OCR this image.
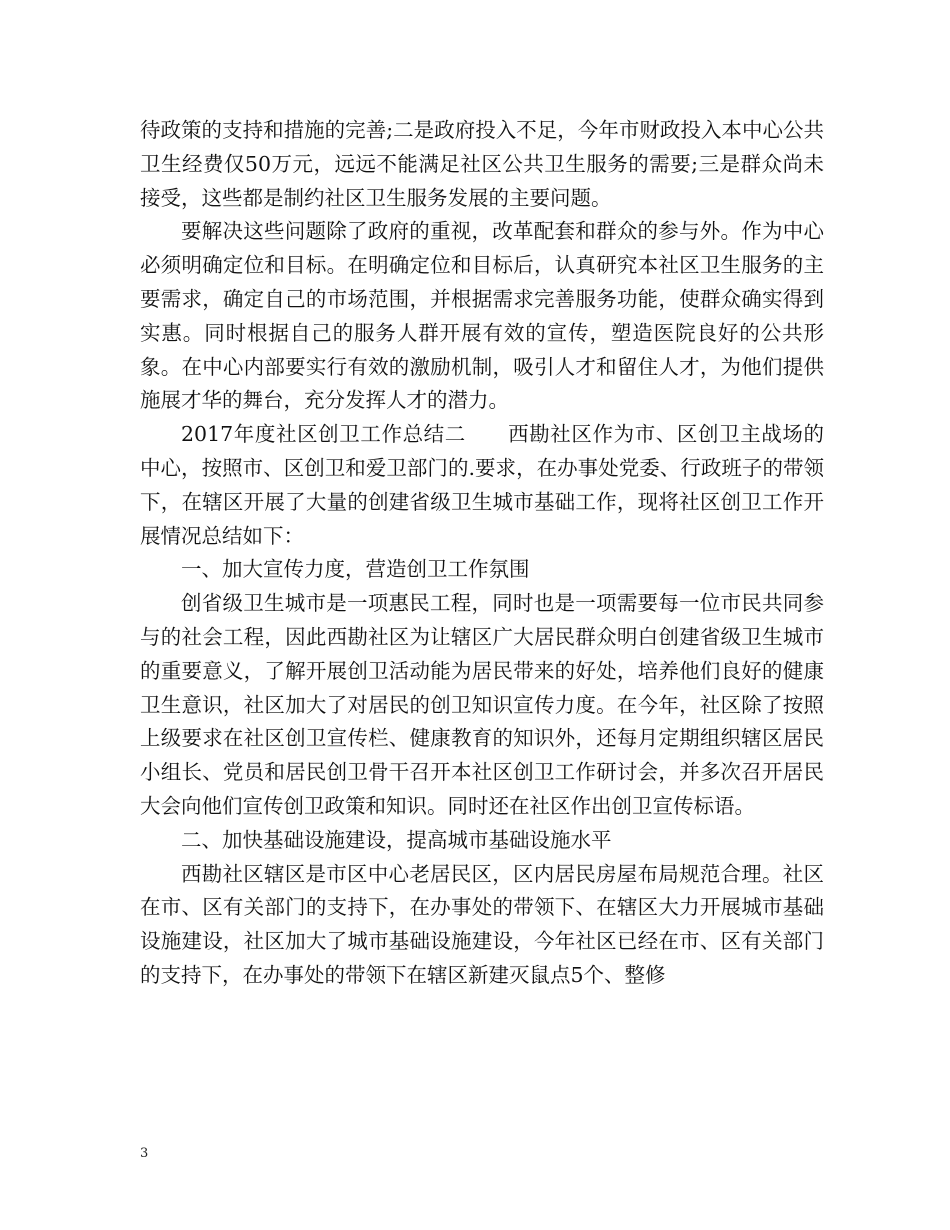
待政策的支持和措施的完善;二是政府投入不足，今年市财政投入本中心公共卫生经费仅50万元，远远不能满足社区公共卫生服务的需要;三是群众尚未接受，这些都是制约社区卫生服务发展的主要问题。

要解决这些问题除了政府的重视，改革配套和群众的参与外。作为中心必须明确定位和目标。在明确定位和目标后，认真研究本社区卫生服务的主要需求，确定自己的市场范围，并根据需求完善服务功能，使群众确实得到实惠。同时根据自己的服务人群开展有效的宣传，塑造医院良好的公共形象。在中心内部要实行有效的激励机制，吸引人才和留住人才，为他们提供施展才华的舞台，充分发挥人才的潜力。

2017年度社区创卫工作总结二　　西勘社区作为市、区创卫主战场的中心，按照市、区创卫和爱卫部门的.要求，在办事处党委、行政班子的带领下，在辖区开展了大量的创建省级卫生城市基础工作，现将社区创卫工作开展情况总结如下：

一、加大宣传力度，营造创卫工作氛围

创省级卫生城市是一项惠民工程，同时也是一项需要每一位市民共同参与的社会工程，因此西勘社区为让辖区广大居民群众明白创建省级卫生城市的重要意义，了解开展创卫活动能为居民带来的好处，培养他们良好的健康卫生意识，社区加大了对居民的创卫知识宣传力度。在今年，社区除了按照上级要求在社区创卫宣传栏、健康教育的知识外，还每月定期组织辖区居民小组长、党员和居民创卫骨干召开本社区创卫工作研讨会，并多次召开居民大会向他们宣传创卫政策和知识。同时还在社区作出创卫宣传标语。

二、加快基础设施建设，提高城市基础设施水平

西勘社区辖区是市区中心老居民区，区内居民房屋布局规范合理。社区在市、区有关部门的支持下，在办事处的带领下、在辖区大力开展城市基础设施建设，社区加大了城市基础设施建设，今年社区已经在市、区有关部门的支持下，在办事处的带领下在辖区新建灭鼠点5个、整修

3
